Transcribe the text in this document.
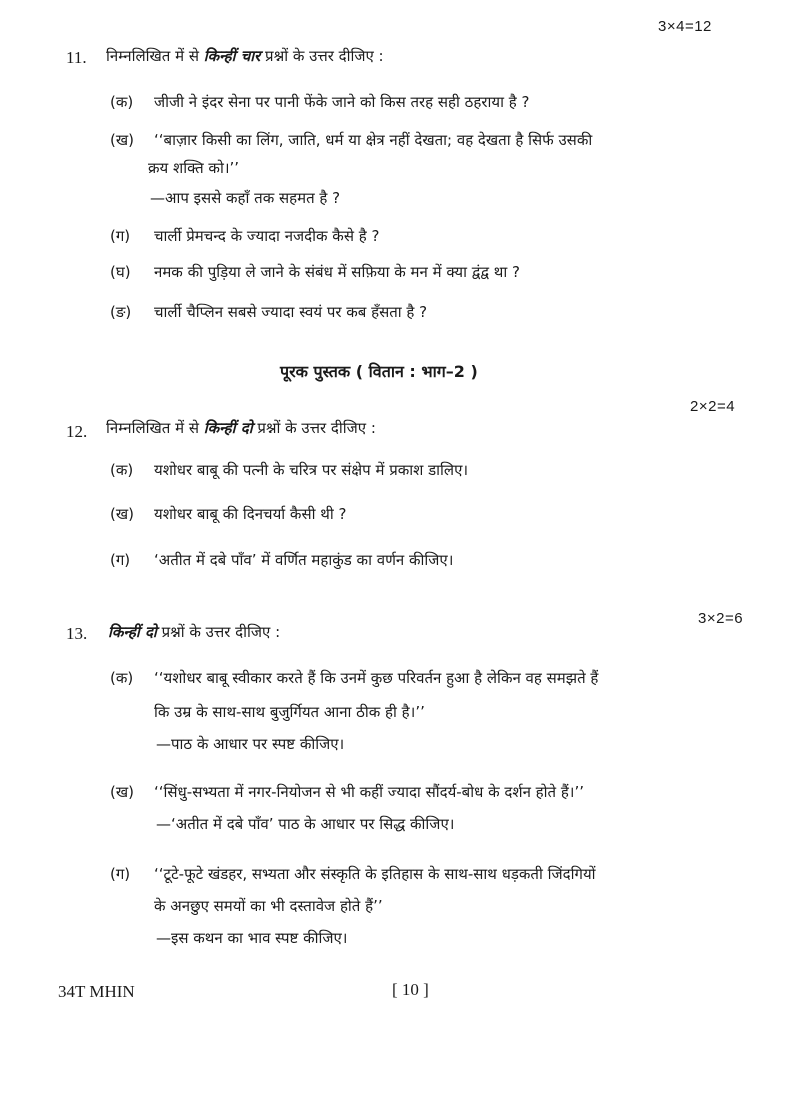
3×4=12
11. निम्नलिखित में से किन्हीं चार प्रश्नों के उत्तर दीजिए :
(क) जीजी ने इंदर सेना पर पानी फेंके जाने को किस तरह सही ठहराया है ?
(ख) ‘‘बाज़ार किसी का लिंग, जाति, धर्म या क्षेत्र नहीं देखता; वह देखता है सिर्फ उसकी
क्रय शक्ति को।’’
—आप इससे कहाँ तक सहमत है ?
(ग) चार्ली प्रेमचन्द के ज्यादा नजदीक कैसे है ?
(घ) नमक की पुड़िया ले जाने के संबंध में सफ़िया के मन में क्या द्वंद्व था ?
(ङ) चार्ली चैप्लिन सबसे ज्यादा स्वयं पर कब हँसता है ?
पूरक पुस्तक ( वितान : भाग–2 )
2×2=4
12. निम्नलिखित में से किन्हीं दो प्रश्नों के उत्तर दीजिए :
(क) यशोधर बाबू की पत्नी के चरित्र पर संक्षेप में प्रकाश डालिए।
(ख) यशोधर बाबू की दिनचर्या कैसी थी ?
(ग) ‘अतीत में दबे पाँव’ में वर्णित महाकुंड का वर्णन कीजिए।
3×2=6
13. किन्हीं दो प्रश्नों के उत्तर दीजिए :
(क) ‘‘यशोधर बाबू स्वीकार करते हैं कि उनमें कुछ परिवर्तन हुआ है लेकिन वह समझते हैं
कि उम्र के साथ-साथ बुजुर्गियत आना ठीक ही है।’’
—पाठ के आधार पर स्पष्ट कीजिए।
(ख) ‘‘सिंधु-सभ्यता में नगर-नियोजन से भी कहीं ज्यादा सौंदर्य-बोध के दर्शन होते हैं।’’
—‘अतीत में दबे पाँव’ पाठ के आधार पर सिद्ध कीजिए।
(ग) ‘‘टूटे-फूटे खंडहर, सभ्यता और संस्कृति के इतिहास के साथ-साथ धड़कती जिंदगियों
के अनछुए समयों का भी दस्तावेज होते हैं’’
—इस कथन का भाव स्पष्ट कीजिए।
34T MHIN	[ 10 ]
